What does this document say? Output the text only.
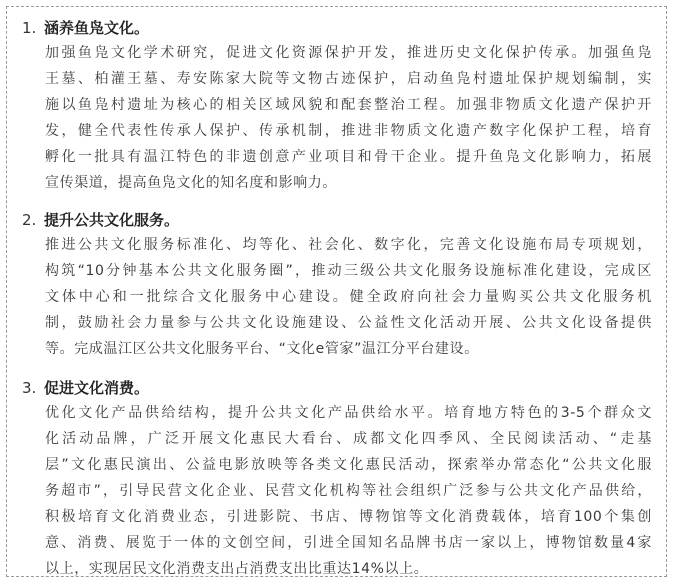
1. 涵养鱼凫文化。
加强鱼凫文化学术研究，促进文化资源保护开发，推进历史文化保护传承。加强鱼凫
王墓、柏灌王墓、寿安陈家大院等文物古迹保护，启动鱼凫村遗址保护规划编制，实
施以鱼凫村遗址为核心的相关区域风貌和配套整治工程。加强非物质文化遗产保护开
发，健全代表性传承人保护、传承机制，推进非物质文化遗产数字化保护工程，培育
孵化一批具有温江特色的非遗创意产业项目和骨干企业。提升鱼凫文化影响力，拓展
宣传渠道，提高鱼凫文化的知名度和影响力。
2. 提升公共文化服务。
推进公共文化服务标准化、均等化、社会化、数字化，完善文化设施布局专项规划，
构筑“10分钟基本公共文化服务圈”，推动三级公共文化服务设施标准化建设，完成区
文体中心和一批综合文化服务中心建设。健全政府向社会力量购买公共文化服务机
制，鼓励社会力量参与公共文化设施建设、公益性文化活动开展、公共文化设备提供
等。完成温江区公共文化服务平台、“文化e管家”温江分平台建设。
3. 促进文化消费。
优化文化产品供给结构，提升公共文化产品供给水平。培育地方特色的3-5个群众文
化活动品牌，广泛开展文化惠民大看台、成都文化四季风、全民阅读活动、“走基
层”文化惠民演出、公益电影放映等各类文化惠民活动，探索举办常态化“公共文化服
务超市”，引导民营文化企业、民营文化机构等社会组织广泛参与公共文化产品供给，
积极培育文化消费业态，引进影院、书店、博物馆等文化消费载体，培育100个集创
意、消费、展览于一体的文创空间，引进全国知名品牌书店一家以上，博物馆数量4家
以上，实现居民文化消费支出占消费支出比重达14%以上。
